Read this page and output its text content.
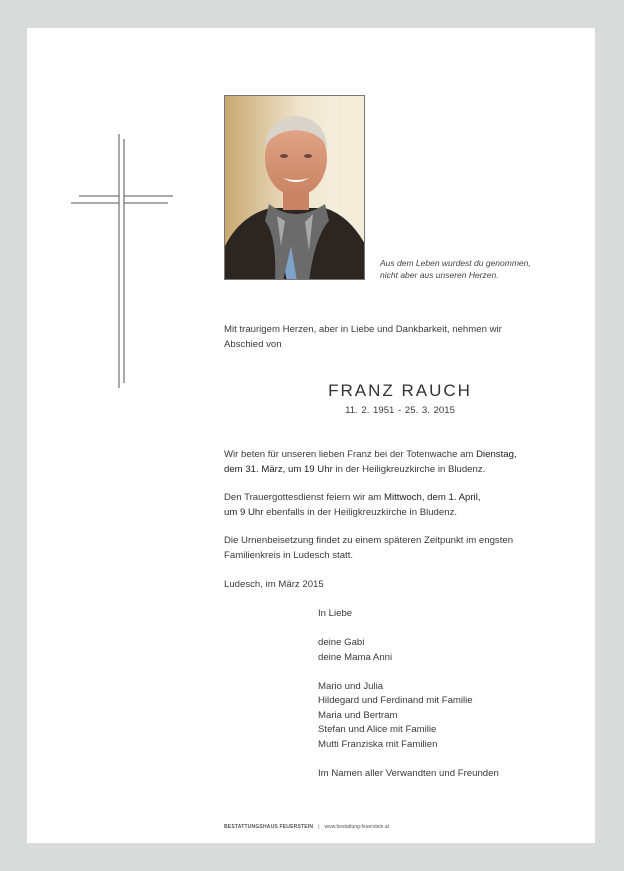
Aus dem Leben wurdest du genommen,
nicht aber aus unseren Herzen.
Mit traurigem Herzen, aber in Liebe und Dankbarkeit, nehmen wir
Abschied von
FRANZ RAUCH
11. 2. 1951 - 25. 3. 2015
Wir beten für unseren lieben Franz bei der Totenwache am Dienstag,
dem 31. März, um 19 Uhr in der Heiligkreuzkirche in Bludenz.
Den Trauergottesdienst feiern wir am Mittwoch, dem 1. April,
um 9 Uhr ebenfalls in der Heiligkreuzkirche in Bludenz.
Die Urnenbeisetzung findet zu einem späteren Zeitpunkt im engsten
Familienkreis in Ludesch statt.
Ludesch, im März 2015
In Liebe
deine Gabi
deine Mama Anni
Mario und Julia
Hildegard und Ferdinand mit Familie
Maria und Bertram
Stefan und Alice mit Familie
Mutti Franziska mit Familien
Im Namen aller Verwandten und Freunden
BESTATTUNGSHAUS FEUERSTEIN | www.bestattung-feuerstein.at
